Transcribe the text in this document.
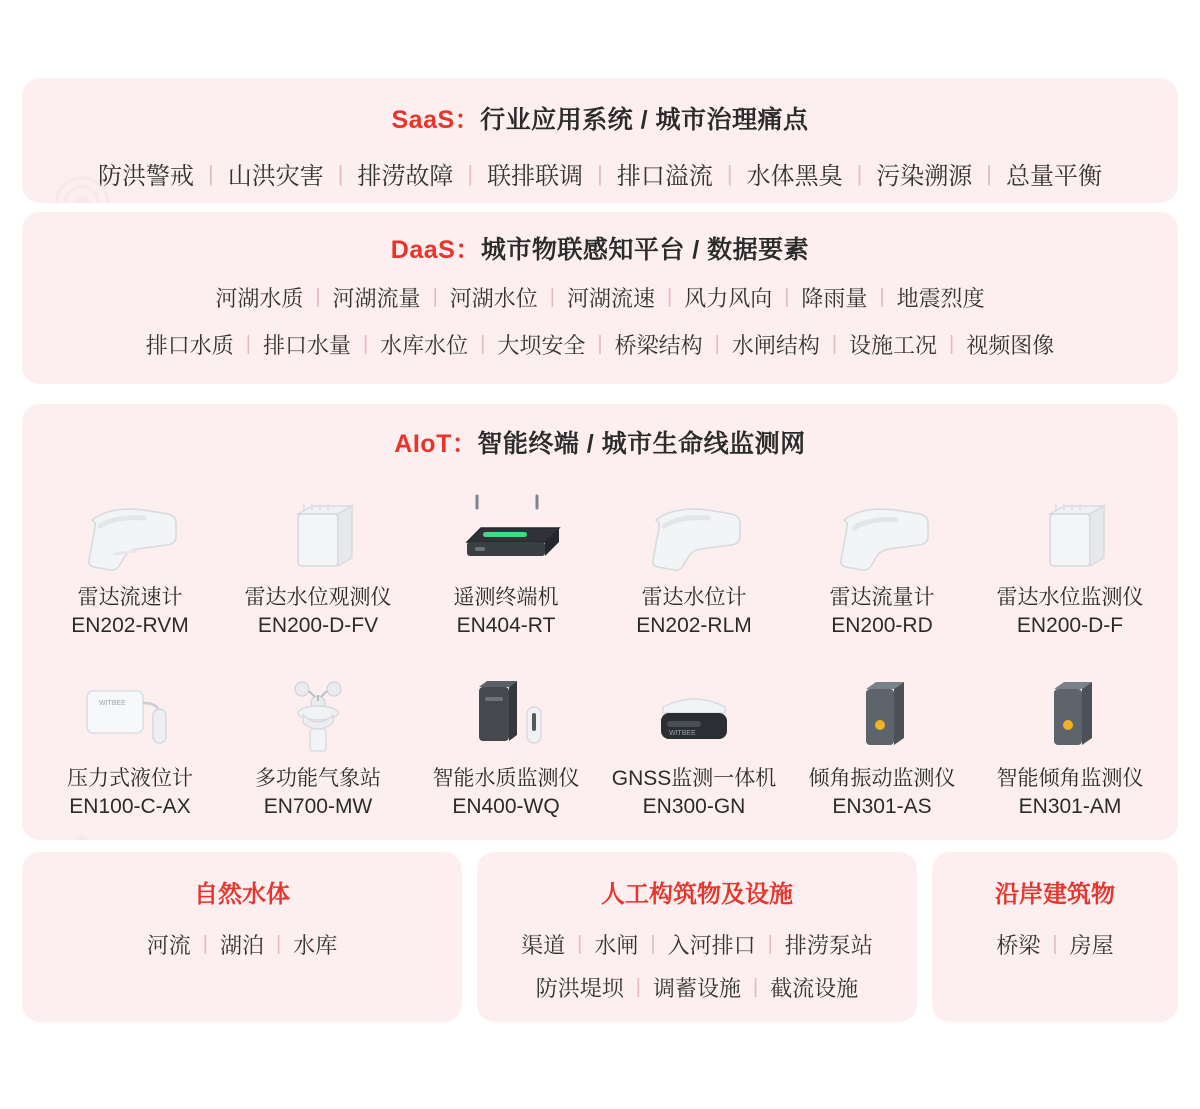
SaaS：行业应用系统 / 城市治理痛点
防洪警戒 | 山洪灾害 | 排涝故障 | 联排联调 | 排口溢流 | 水体黑臭 | 污染溯源 | 总量平衡
DaaS：城市物联感知平台 / 数据要素
河湖水质 | 河湖流量 | 河湖水位 | 河湖流速 | 风力风向 | 降雨量 | 地震烈度
排口水质 | 排口水量 | 水库水位 | 大坝安全 | 桥梁结构 | 水闸结构 | 设施工况 | 视频图像
AIoT：智能终端 / 城市生命线监测网
雷达流速计
EN202-RVM
雷达水位观测仪
EN200-D-FV
遥测终端机
EN404-RT
雷达水位计
EN202-RLM
雷达流量计
EN200-RD
雷达水位监测仪
EN200-D-F
WITBEE
压力式液位计
EN100-C-AX
多功能气象站
EN700-MW
智能水质监测仪
EN400-WQ
WITBEE
GNSS监测一体机
EN300-GN
倾角振动监测仪
EN301-AS
智能倾角监测仪
EN301-AM
自然水体
河流 | 湖泊 | 水库
人工构筑物及设施
渠道 | 水闸 | 入河排口 | 排涝泵站
防洪堤坝 | 调蓄设施 | 截流设施
沿岸建筑物
桥梁 | 房屋
